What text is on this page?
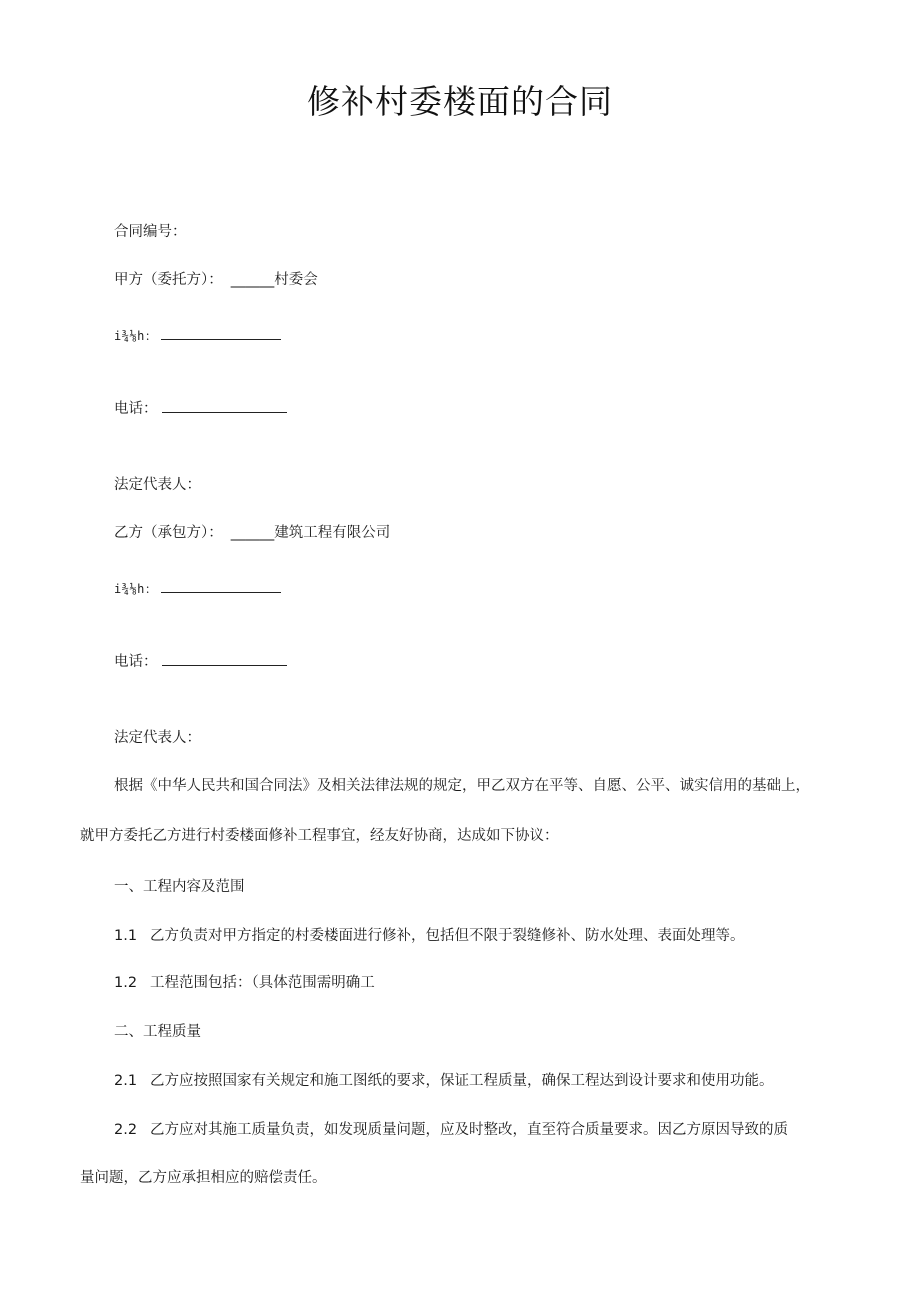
修补村委楼面的合同
合同编号：
甲方（委托方）： ______村委会
i¾⅛h：
电话：
法定代表人：
乙方（承包方）： ______建筑工程有限公司
i¾⅛h：
电话：
法定代表人：
根据《中华人民共和国合同法》及相关法律法规的规定，甲乙双方在平等、自愿、公平、诚实信用的基础上，
就甲方委托乙方进行村委楼面修补工程事宜，经友好协商，达成如下协议：
一、工程内容及范围
1.1 乙方负责对甲方指定的村委楼面进行修补，包括但不限于裂缝修补、防水处理、表面处理等。
1.2 工程范围包括：（具体范围需明确工
二、工程质量
2.1 乙方应按照国家有关规定和施工图纸的要求，保证工程质量，确保工程达到设计要求和使用功能。
2.2 乙方应对其施工质量负责，如发现质量问题，应及时整改，直至符合质量要求。因乙方原因导致的质
量问题，乙方应承担相应的赔偿责任。
